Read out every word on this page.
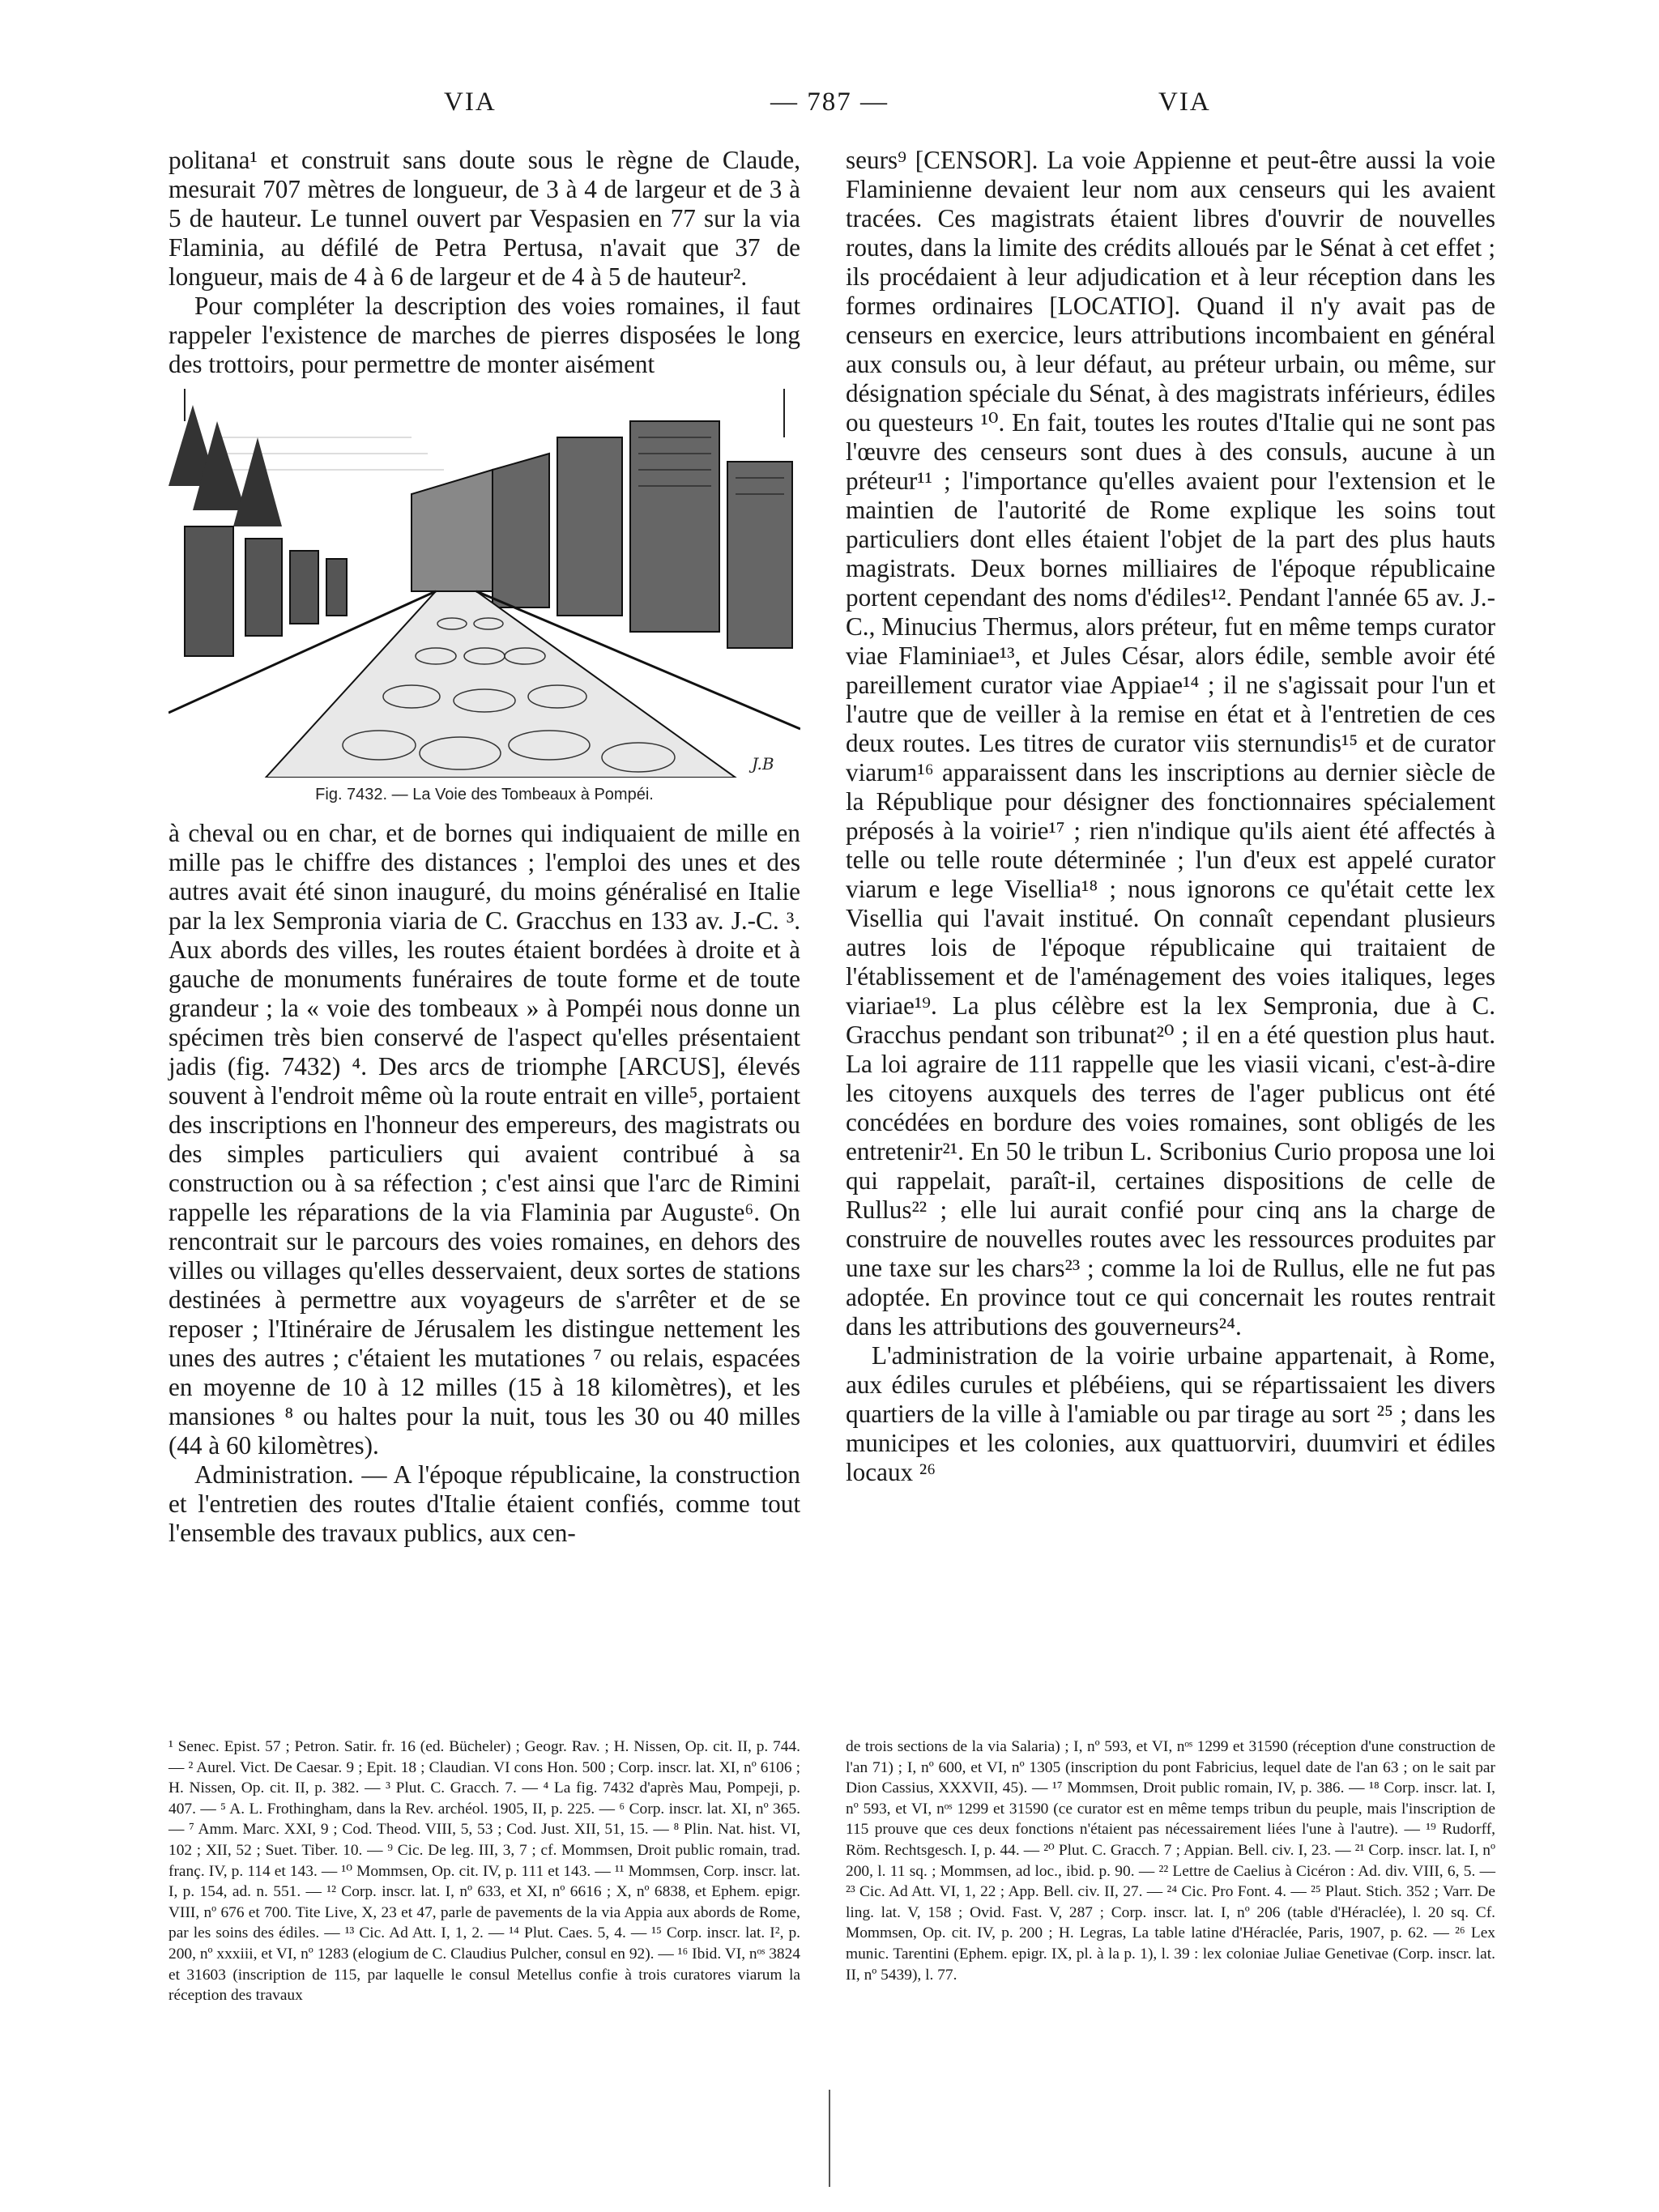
VIA	— 787 —	VIA

politana¹ et construit sans doute sous le règne de Claude, mesurait 707 mètres de longueur, de 3 à 4 de largeur et de 3 à 5 de hauteur. Le tunnel ouvert par Vespasien en 77 sur la via Flaminia, au défilé de Petra Pertusa, n'avait que 37 de longueur, mais de 4 à 6 de largeur et de 4 à 5 de hauteur².

Pour compléter la description des voies romaines, il faut rappeler l'existence de marches de pierres disposées le long des trottoirs, pour permettre de monter aisément

J.B
Fig. 7432. — La Voie des Tombeaux à Pompéi.

à cheval ou en char, et de bornes qui indiquaient de mille en mille pas le chiffre des distances ; l'emploi des unes et des autres avait été sinon inauguré, du moins généralisé en Italie par la lex Sempronia viaria de C. Gracchus en 133 av. J.-C. ³. Aux abords des villes, les routes étaient bordées à droite et à gauche de monuments funéraires de toute forme et de toute grandeur ; la « voie des tombeaux » à Pompéi nous donne un spécimen très bien conservé de l'aspect qu'elles présentaient jadis (fig. 7432) ⁴. Des arcs de triomphe [ARCUS], élevés souvent à l'endroit même où la route entrait en ville⁵, portaient des inscriptions en l'honneur des empereurs, des magistrats ou des simples particuliers qui avaient contribué à sa construction ou à sa réfection ; c'est ainsi que l'arc de Rimini rappelle les réparations de la via Flaminia par Auguste⁶. On rencontrait sur le parcours des voies romaines, en dehors des villes ou villages qu'elles desservaient, deux sortes de stations destinées à permettre aux voyageurs de s'arrêter et de se reposer ; l'Itinéraire de Jérusalem les distingue nettement les unes des autres ; c'étaient les mutationes ⁷ ou relais, espacées en moyenne de 10 à 12 milles (15 à 18 kilomètres), et les mansiones ⁸ ou haltes pour la nuit, tous les 30 ou 40 milles (44 à 60 kilomètres).

Administration. — A l'époque républicaine, la construction et l'entretien des routes d'Italie étaient confiés, comme tout l'ensemble des travaux publics, aux cen-

seurs⁹ [CENSOR]. La voie Appienne et peut-être aussi la voie Flaminienne devaient leur nom aux censeurs qui les avaient tracées. Ces magistrats étaient libres d'ouvrir de nouvelles routes, dans la limite des crédits alloués par le Sénat à cet effet ; ils procédaient à leur adjudication et à leur réception dans les formes ordinaires [LOCATIO]. Quand il n'y avait pas de censeurs en exercice, leurs attributions incombaient en général aux consuls ou, à leur défaut, au préteur urbain, ou même, sur désignation spéciale du Sénat, à des magistrats inférieurs, édiles ou questeurs ¹⁰. En fait, toutes les routes d'Italie qui ne sont pas l'œuvre des censeurs sont dues à des consuls, aucune à un préteur¹¹ ; l'importance qu'elles avaient pour l'extension et le maintien de l'autorité de Rome explique les soins tout particuliers dont elles étaient l'objet de la part des plus hauts magistrats. Deux bornes milliaires de l'époque républicaine portent cependant des noms d'édiles¹². Pendant l'année 65 av. J.-C., Minucius Thermus, alors préteur, fut en même temps curator viae Flaminiae¹³, et Jules César, alors édile, semble avoir été pareillement curator viae Appiae¹⁴ ; il ne s'agissait pour l'un et l'autre que de veiller à la remise en état et à l'entretien de ces deux routes. Les titres de curator viis sternundis¹⁵ et de curator viarum¹⁶ apparaissent dans les inscriptions au dernier siècle de la République pour désigner des fonctionnaires spécialement préposés à la voirie¹⁷ ; rien n'indique qu'ils aient été affectés à telle ou telle route déterminée ; l'un d'eux est appelé curator viarum e lege Visellia¹⁸ ; nous ignorons ce qu'était cette lex Visellia qui l'avait institué. On connaît cependant plusieurs autres lois de l'époque républicaine qui traitaient de l'établissement et de l'aménagement des voies italiques, leges viariae¹⁹. La plus célèbre est la lex Sempronia, due à C. Gracchus pendant son tribunat²⁰ ; il en a été question plus haut. La loi agraire de 111 rappelle que les viasii vicani, c'est-à-dire les citoyens auxquels des terres de l'ager publicus ont été concédées en bordure des voies romaines, sont obligés de les entretenir²¹. En 50 le tribun L. Scribonius Curio proposa une loi qui rappelait, paraît-il, certaines dispositions de celle de Rullus²² ; elle lui aurait confié pour cinq ans la charge de construire de nouvelles routes avec les ressources produites par une taxe sur les chars²³ ; comme la loi de Rullus, elle ne fut pas adoptée. En province tout ce qui concernait les routes rentrait dans les attributions des gouverneurs²⁴.

L'administration de la voirie urbaine appartenait, à Rome, aux édiles curules et plébéiens, qui se répartissaient les divers quartiers de la ville à l'amiable ou par tirage au sort ²⁵ ; dans les municipes et les colonies, aux quattuorviri, duumviri et édiles locaux ²⁶

¹ Senec. Epist. 57 ; Petron. Satir. fr. 16 (ed. Bücheler) ; Geogr. Rav. ; H. Nissen, Op. cit. II, p. 744. — ² Aurel. Vict. De Caesar. 9 ; Epit. 18 ; Claudian. VI cons Hon. 500 ; Corp. inscr. lat. XI, nº 6106 ; H. Nissen, Op. cit. II, p. 382. — ³ Plut. C. Gracch. 7. — ⁴ La fig. 7432 d'après Mau, Pompeji, p. 407. — ⁵ A. L. Frothingham, dans la Rev. archéol. 1905, II, p. 225. — ⁶ Corp. inscr. lat. XI, nº 365. — ⁷ Amm. Marc. XXI, 9 ; Cod. Theod. VIII, 5, 53 ; Cod. Just. XII, 51, 15. — ⁸ Plin. Nat. hist. VI, 102 ; XII, 52 ; Suet. Tiber. 10. — ⁹ Cic. De leg. III, 3, 7 ; cf. Mommsen, Droit public romain, trad. franç. IV, p. 114 et 143. — ¹⁰ Mommsen, Op. cit. IV, p. 111 et 143. — ¹¹ Mommsen, Corp. inscr. lat. I, p. 154, ad. n. 551. — ¹² Corp. inscr. lat. I, nº 633, et XI, nº 6616 ; X, nº 6838, et Ephem. epigr. VIII, nº 676 et 700. Tite Live, X, 23 et 47, parle de pavements de la via Appia aux abords de Rome, par les soins des édiles. — ¹³ Cic. Ad Att. I, 1, 2. — ¹⁴ Plut. Caes. 5, 4. — ¹⁵ Corp. inscr. lat. I², p. 200, nº xxxiii, et VI, nº 1283 (elogium de C. Claudius Pulcher, consul en 92). — ¹⁶ Ibid. VI, nᵒˢ 3824 et 31603 (inscription de 115, par laquelle le consul Metellus confie à trois curatores viarum la réception des travaux

de trois sections de la via Salaria) ; I, nº 593, et VI, nᵒˢ 1299 et 31590 (réception d'une construction de l'an 71) ; I, nº 600, et VI, nº 1305 (inscription du pont Fabricius, lequel date de l'an 63 ; on le sait par Dion Cassius, XXXVII, 45). — ¹⁷ Mommsen, Droit public romain, IV, p. 386. — ¹⁸ Corp. inscr. lat. I, nº 593, et VI, nᵒˢ 1299 et 31590 (ce curator est en même temps tribun du peuple, mais l'inscription de 115 prouve que ces deux fonctions n'étaient pas nécessairement liées l'une à l'autre). — ¹⁹ Rudorff, Röm. Rechtsgesch. I, p. 44. — ²⁰ Plut. C. Gracch. 7 ; Appian. Bell. civ. I, 23. — ²¹ Corp. inscr. lat. I, nº 200, l. 11 sq. ; Mommsen, ad loc., ibid. p. 90. — ²² Lettre de Caelius à Cicéron : Ad. div. VIII, 6, 5. — ²³ Cic. Ad Att. VI, 1, 22 ; App. Bell. civ. II, 27. — ²⁴ Cic. Pro Font. 4. — ²⁵ Plaut. Stich. 352 ; Varr. De ling. lat. V, 158 ; Ovid. Fast. V, 287 ; Corp. inscr. lat. I, nº 206 (table d'Héraclée), l. 20 sq. Cf. Mommsen, Op. cit. IV, p. 200 ; H. Legras, La table latine d'Héraclée, Paris, 1907, p. 62. — ²⁶ Lex munic. Tarentini (Ephem. epigr. IX, pl. à la p. 1), l. 39 : lex coloniae Juliae Genetivae (Corp. inscr. lat. II, nº 5439), l. 77.
